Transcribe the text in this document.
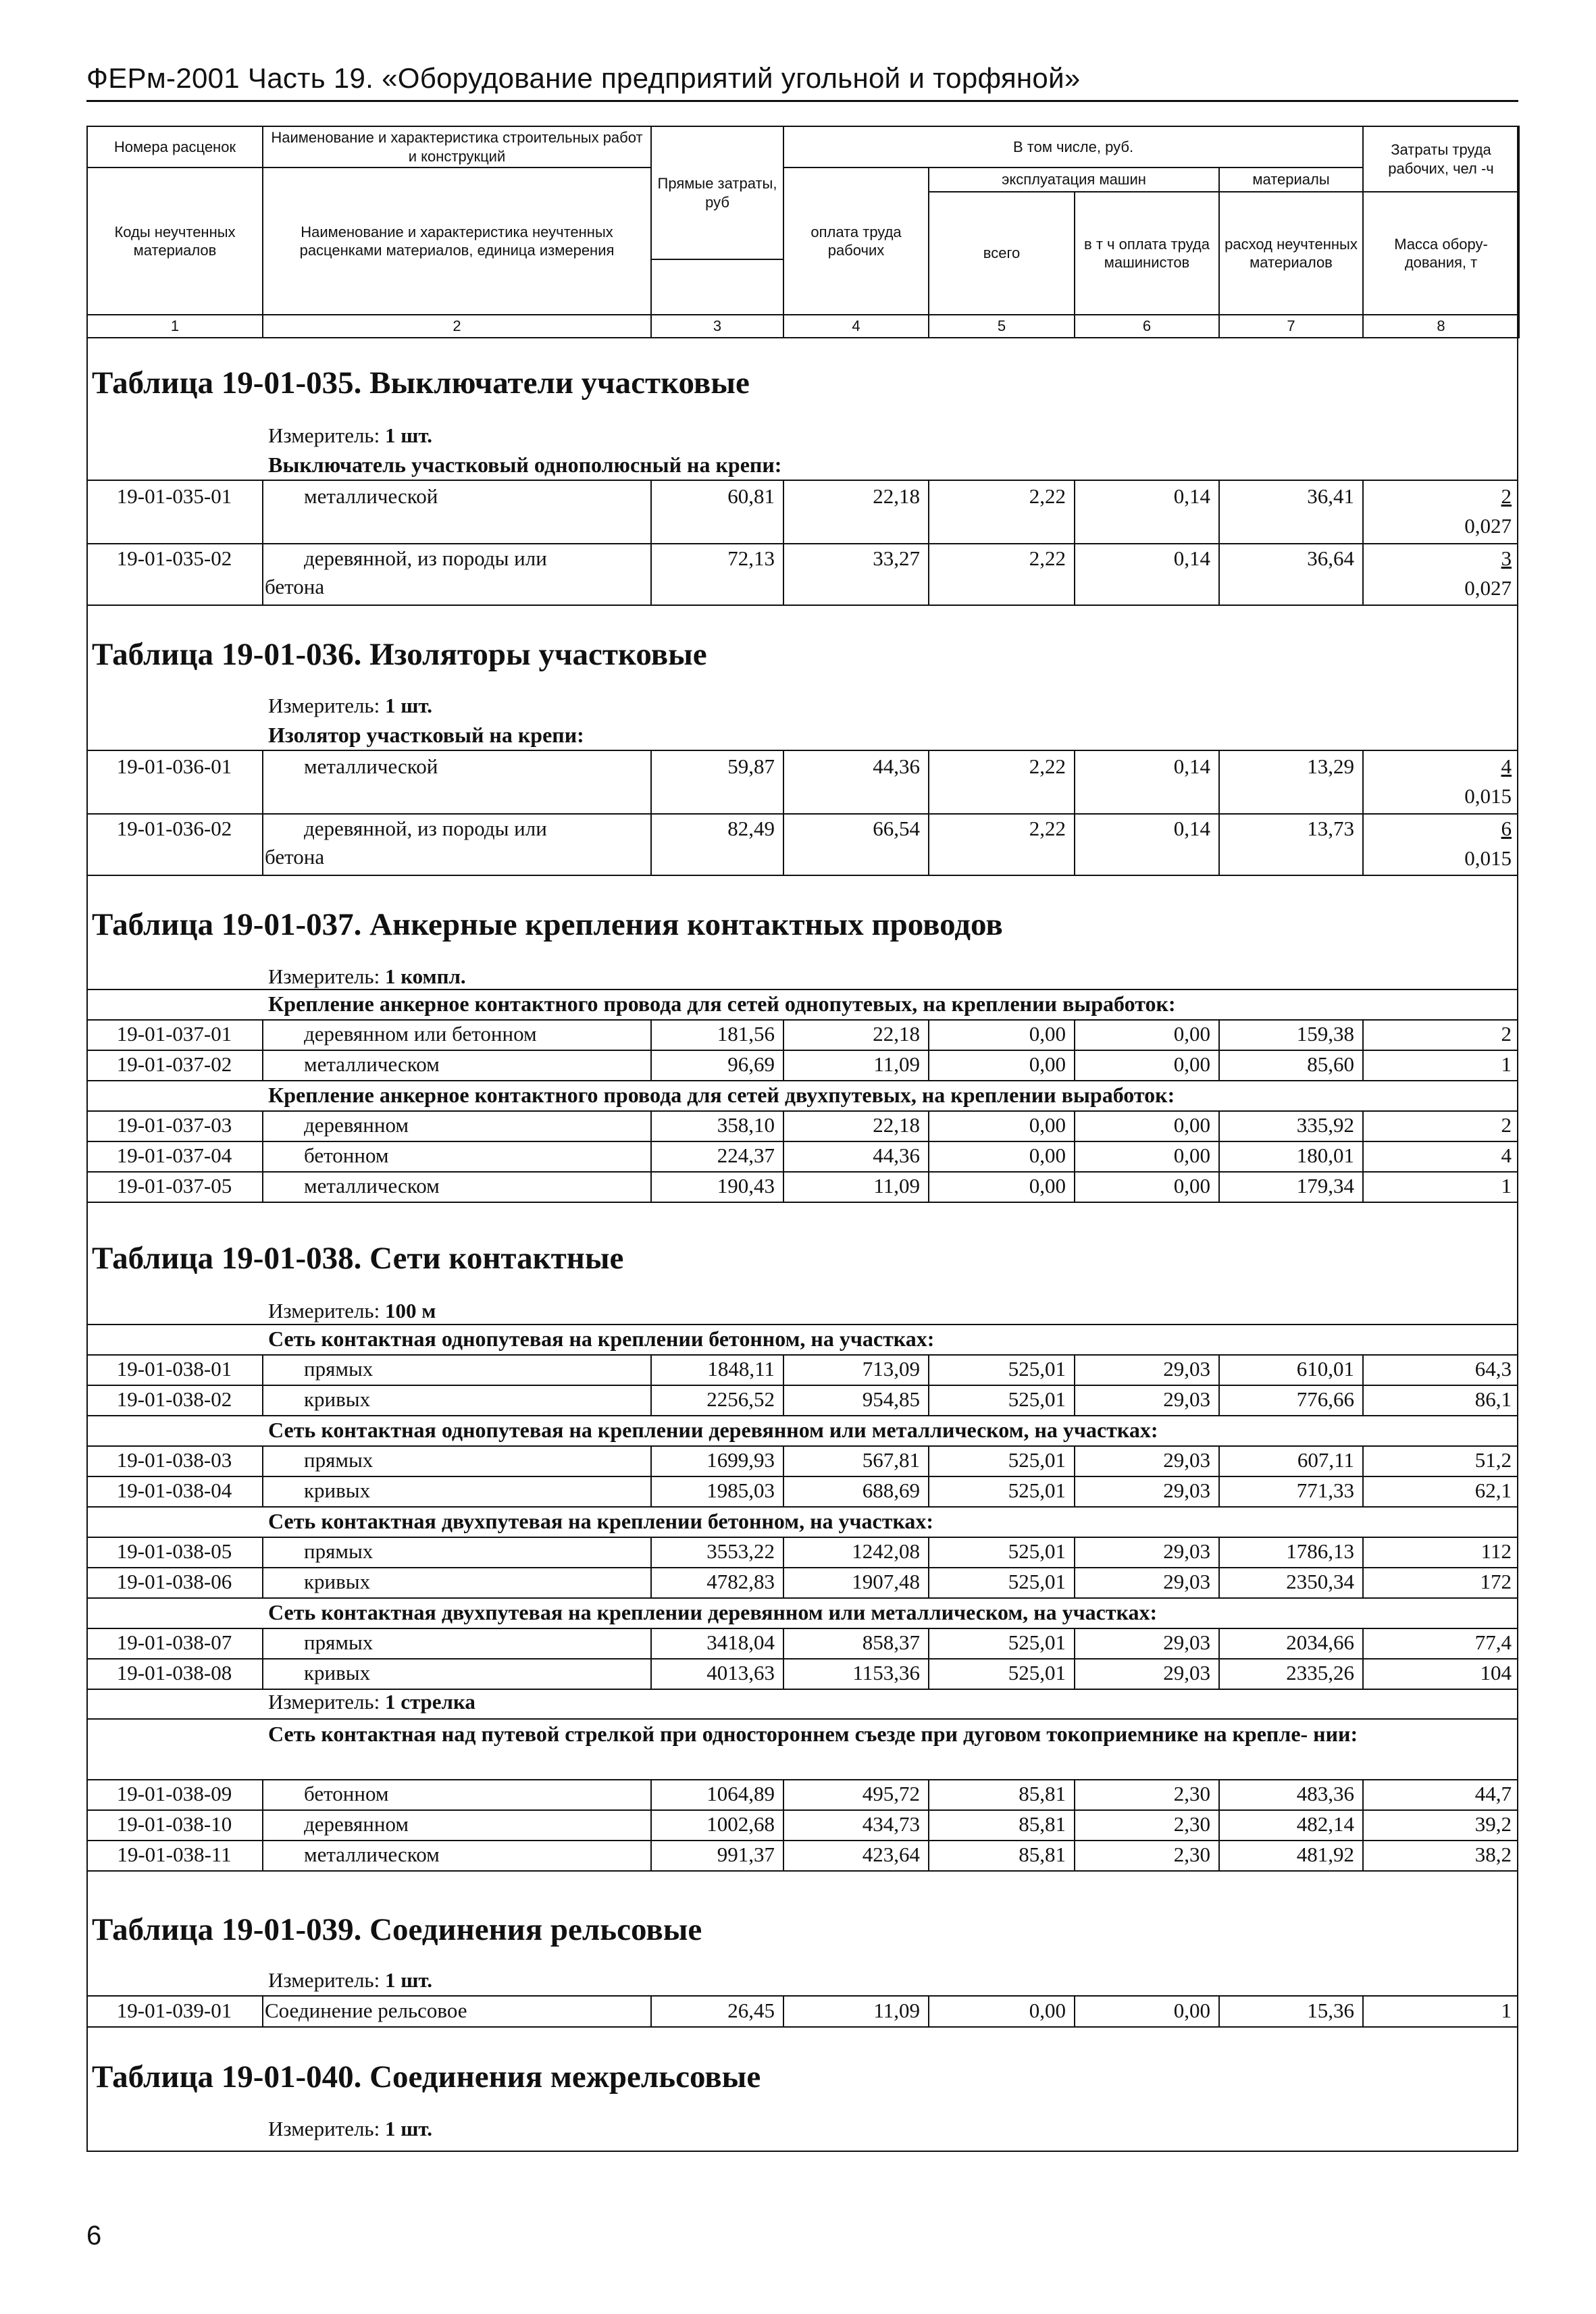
ФЕРм-2001 Часть 19. «Оборудование предприятий угольной и торфяной»
Номера расценок	Наименование и характеристика строительных работ и конструкций	Прямые затраты, руб	В том числе, руб.				Затраты труда рабочих, чел -ч
Коды неучтенных материалов	Наименование и характеристика неучтенных расценками материалов, единица измерения		оплата труда рабочих	эксплуатация машин		материалы	
				всего	в т ч оплата труда машинистов	расход неучтенных материалов	Масса обору- дования, т

1	2	3	4	5	6	7	8
Таблица 19-01-035. Выключатели участковые
Измеритель: 1 шт.
Выключатель участковый однополюсный на крепи:
19-01-035-01	металлической	60,81	22,18	2,22	0,14	36,41	2
0,027
19-01-035-02	деревянной, из породы или
бетона
72,13	33,27	2,22	0,14	36,64	3
0,027
Таблица 19-01-036. Изоляторы участковые
Измеритель: 1 шт.
Изолятор участковый на крепи:
19-01-036-01	металлической	59,87	44,36	2,22	0,14	13,29	4
0,015
19-01-036-02	деревянной, из породы или
бетона
82,49	66,54	2,22	0,14	13,73	6
0,015
Таблица 19-01-037. Анкерные крепления контактных проводов
Измеритель: 1 компл.
Крепление анкерное контактного провода для сетей однопутевых, на креплении выработок:
Крепление анкерное контактного провода для сетей двухпутевых, на креплении выработок:
19-01-037-01	деревянном или бетонном	181,56	22,18	0,00	0,00	159,38	2
19-01-037-02	металлическом	96,69	11,09	0,00	0,00	85,60	1
19-01-037-03	деревянном	358,10	22,18	0,00	0,00	335,92	2
19-01-037-04	бетонном	224,37	44,36	0,00	0,00	180,01	4
19-01-037-05	металлическом	190,43	11,09	0,00	0,00	179,34	1
Таблица 19-01-038. Сети контактные
Измеритель: 100 м
Сеть контактная однопутевая на креплении бетонном, на участках:
Сеть контактная однопутевая на креплении деревянном или металлическом, на участках:
Сеть контактная двухпутевая на креплении бетонном, на участках:
Сеть контактная двухпутевая на креплении деревянном или металлическом, на участках:
Измеритель: 1 стрелка
Сеть контактная над путевой стрелкой при одностороннем съезде при дуговом токоприемнике на крепле- нии:
19-01-038-01	прямых	1848,11	713,09	525,01	29,03	610,01	64,3
19-01-038-02	кривых	2256,52	954,85	525,01	29,03	776,66	86,1
19-01-038-03	прямых	1699,93	567,81	525,01	29,03	607,11	51,2
19-01-038-04	кривых	1985,03	688,69	525,01	29,03	771,33	62,1
19-01-038-05	прямых	3553,22	1242,08	525,01	29,03	1786,13	112
19-01-038-06	кривых	4782,83	1907,48	525,01	29,03	2350,34	172
19-01-038-07	прямых	3418,04	858,37	525,01	29,03	2034,66	77,4
19-01-038-08	кривых	4013,63	1153,36	525,01	29,03	2335,26	104
19-01-038-09	бетонном	1064,89	495,72	85,81	2,30	483,36	44,7
19-01-038-10	деревянном	1002,68	434,73	85,81	2,30	482,14	39,2
19-01-038-11	металлическом	991,37	423,64	85,81	2,30	481,92	38,2
Таблица 19-01-039. Соединения рельсовые
Измеритель: 1 шт.
19-01-039-01	Соединение рельсовое	26,45	11,09	0,00	0,00	15,36	1
Таблица 19-01-040. Соединения межрельсовые
Измеритель: 1 шт.
6
